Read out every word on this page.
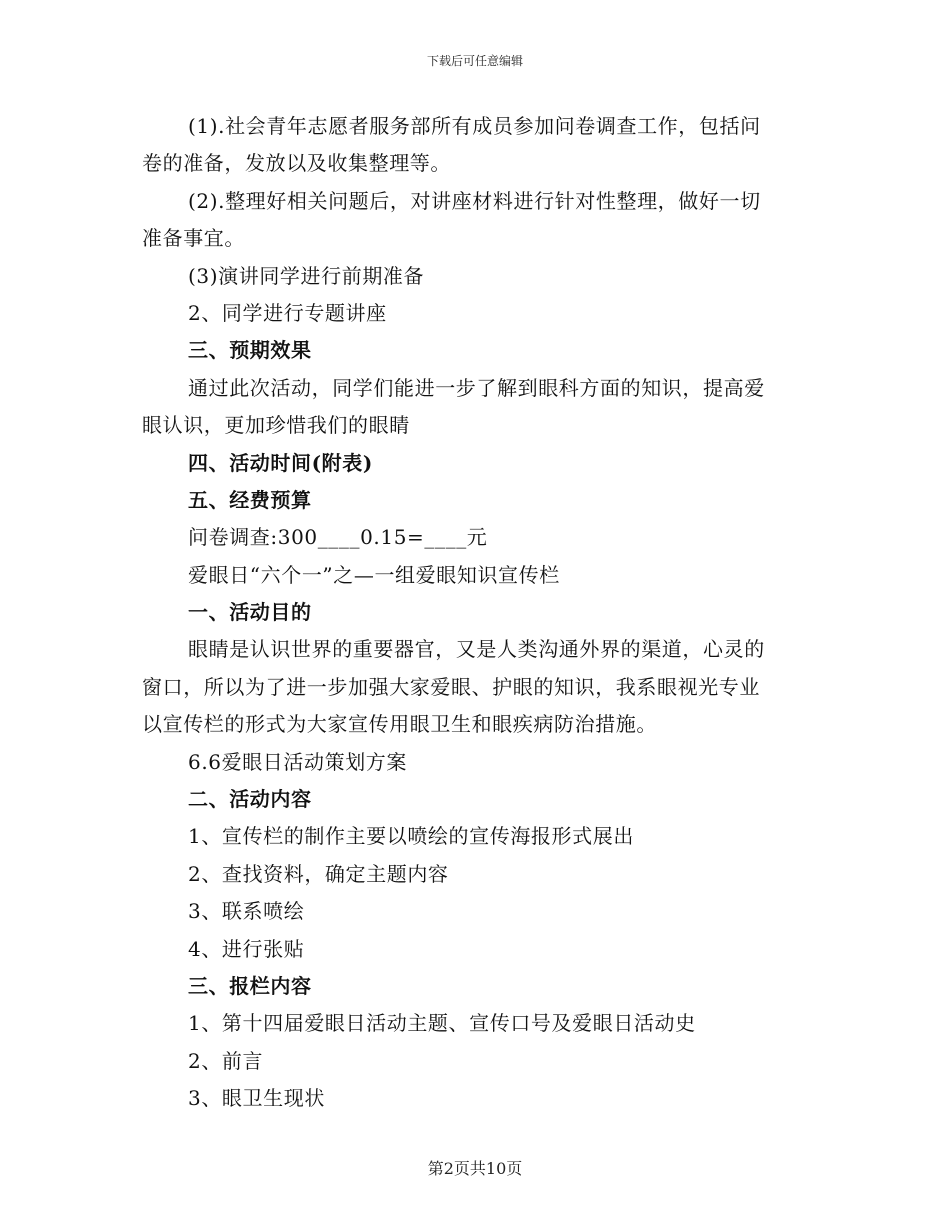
下载后可任意编辑
(1).社会青年志愿者服务部所有成员参加问卷调查工作，包括问
卷的准备，发放以及收集整理等。
(2).整理好相关问题后，对讲座材料进行针对性整理，做好一切
准备事宜。
(3)演讲同学进行前期准备
2、同学进行专题讲座
三、预期效果
通过此次活动，同学们能进一步了解到眼科方面的知识，提高爱
眼认识，更加珍惜我们的眼睛
四、活动时间(附表)
五、经费预算
问卷调查:300____0.15=____元
爱眼日“六个一”之—一组爱眼知识宣传栏
一、活动目的
眼睛是认识世界的重要器官，又是人类沟通外界的渠道，心灵的
窗口，所以为了进一步加强大家爱眼、护眼的知识，我系眼视光专业
以宣传栏的形式为大家宣传用眼卫生和眼疾病防治措施。
6.6爱眼日活动策划方案
二、活动内容
1、宣传栏的制作主要以喷绘的宣传海报形式展出
2、查找资料，确定主题内容
3、联系喷绘
4、进行张贴
三、报栏内容
1、第十四届爱眼日活动主题、宣传口号及爱眼日活动史
2、前言
3、眼卫生现状
第2页共10页
